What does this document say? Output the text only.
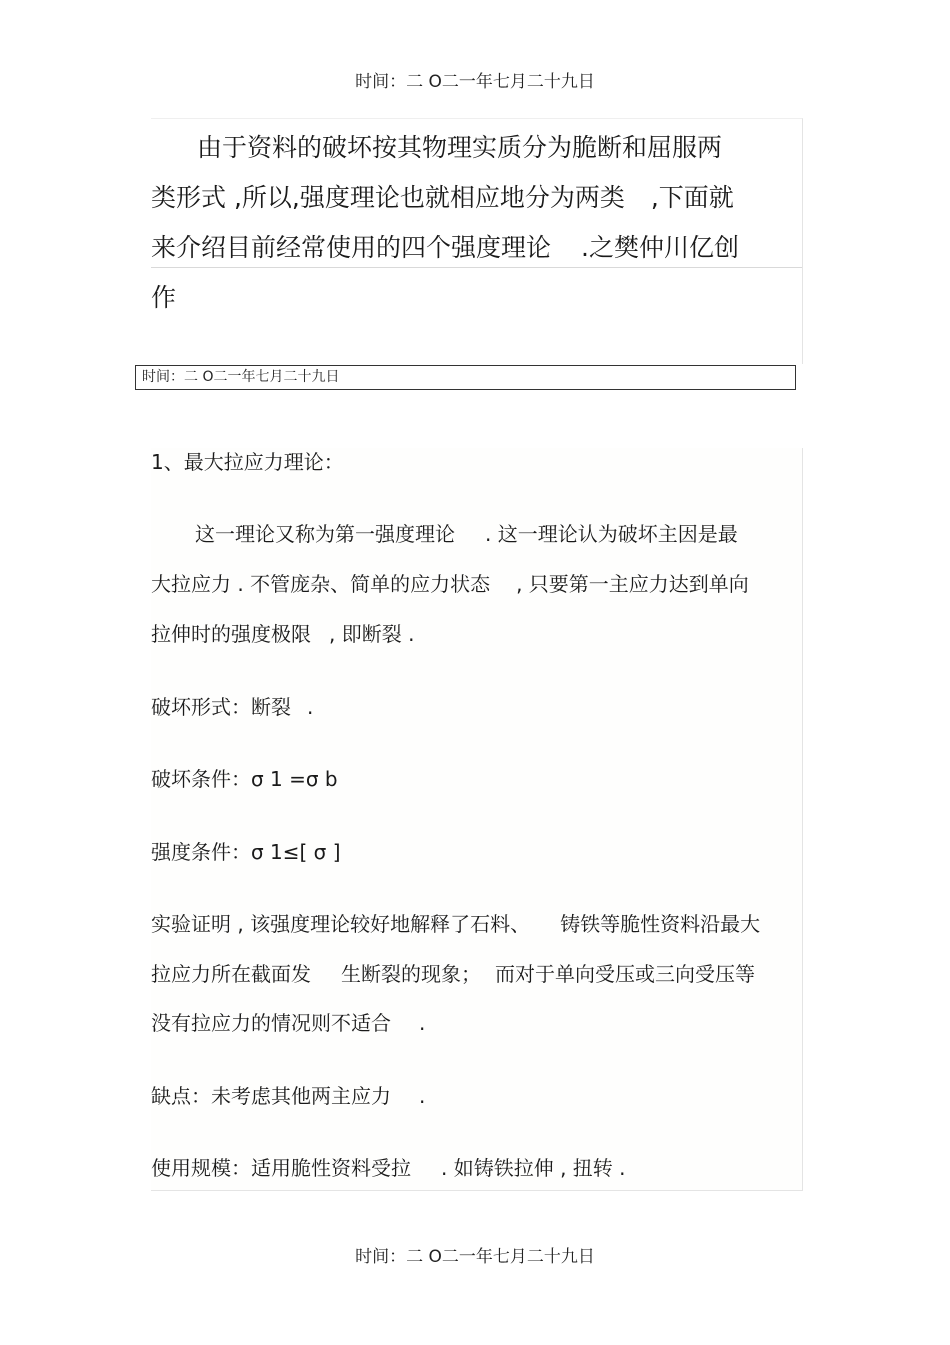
时间：二 O二一年七月二十九日
由于资料的破坏按其物理实质分为脆断和屈服两
类形式 ,所以,强度理论也就相应地分为两类 ,下面就
来介绍目前经常使用的四个强度理论 .之樊仲川亿创
作
时间：二 O二一年七月二十九日

1、最大拉应力理论：

这一理论又称为第一强度理论 . 这一理论认为破坏主因是最

大拉应力 . 不管庞杂、简单的应力状态 , 只要第一主应力达到单向

拉伸时的强度极限 , 即断裂 .

破坏形式：断裂 .

破坏条件：σ 1 =σ b

强度条件：σ 1≤[ σ ]

实验证明 , 该强度理论较好地解释了石料、 铸铁等脆性资料沿最大

拉应力所在截面发 生断裂的现象； 而对于单向受压或三向受压等

没有拉应力的情况则不适合 .

缺点：未考虑其他两主应力 .

使用规模：适用脆性资料受拉 . 如铸铁拉伸 , 扭转 .

时间：二 O二一年七月二十九日
